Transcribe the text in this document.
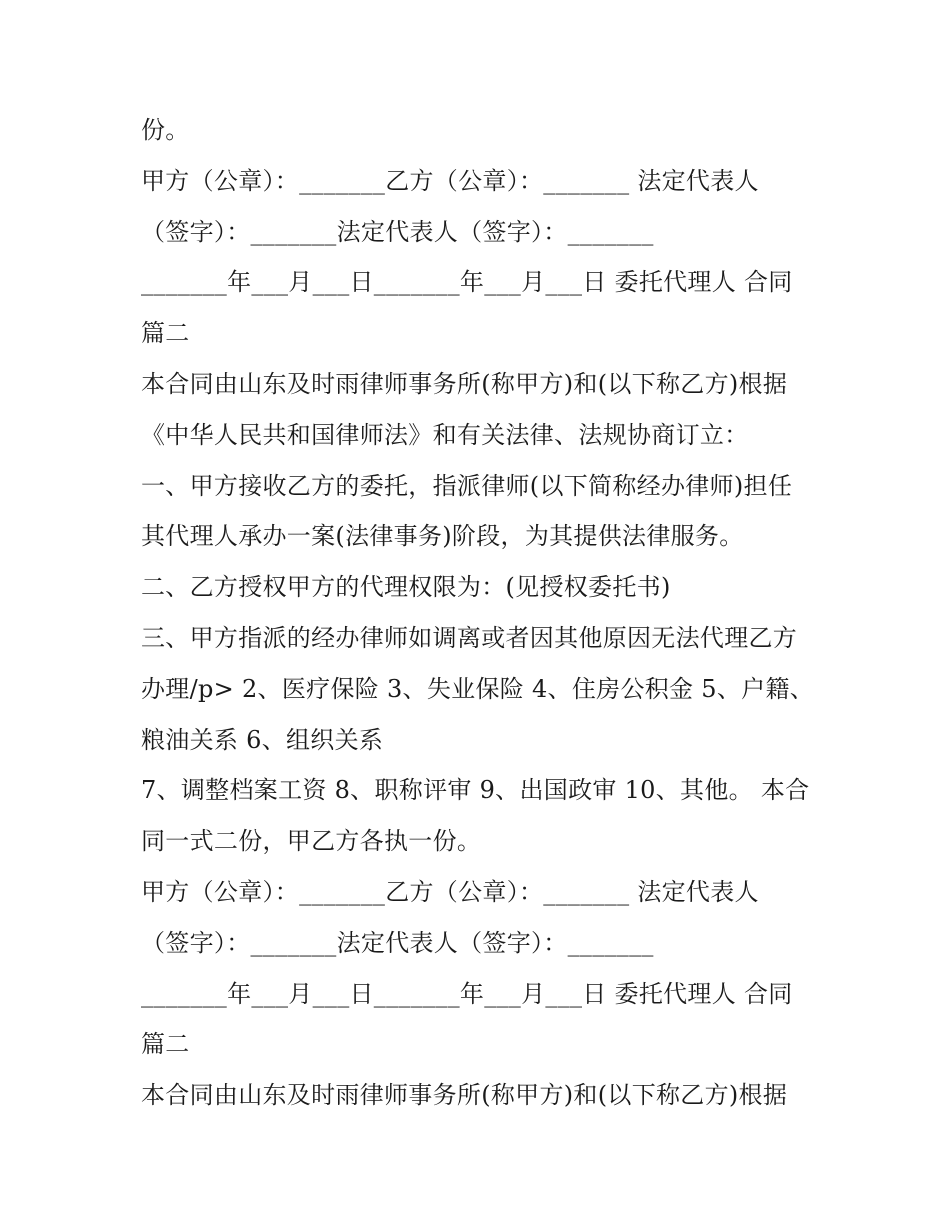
份。
甲方（公章）：_______乙方（公章）：_______ 法定代表人
（签字）：_______法定代表人（签字）：_______
_______年___月___日_______年___月___日 委托代理人 合同
篇二
本合同由山东及时雨律师事务所(称甲方)和(以下称乙方)根据
《中华人民共和国律师法》和有关法律、法规协商订立：
一、甲方接收乙方的委托，指派律师(以下简称经办律师)担任
其代理人承办一案(法律事务)阶段，为其提供法律服务。
二、乙方授权甲方的代理权限为：(见授权委托书)
三、甲方指派的经办律师如调离或者因其他原因无法代理乙方
办理/p> 2、医疗保险 3、失业保险 4、住房公积金 5、户籍、
粮油关系 6、组织关系
7、调整档案工资 8、职称评审 9、出国政审 10、其他。 本合
同一式二份，甲乙方各执一份。
甲方（公章）：_______乙方（公章）：_______ 法定代表人
（签字）：_______法定代表人（签字）：_______
_______年___月___日_______年___月___日 委托代理人 合同
篇二
本合同由山东及时雨律师事务所(称甲方)和(以下称乙方)根据
